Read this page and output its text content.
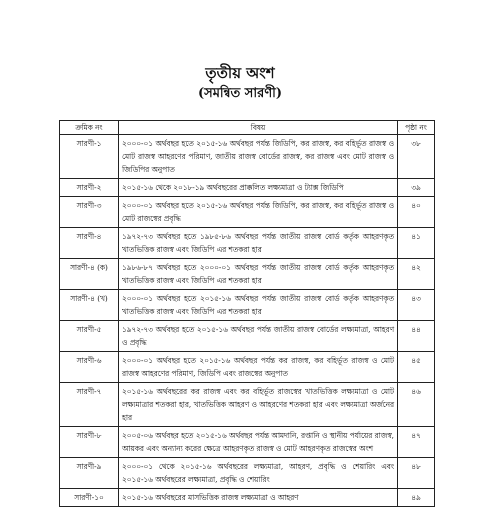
তৃতীয় অংশ
(সমন্বিত সারণী)
ক্রমিক নং	বিষয়	পৃষ্ঠা নং
সারণী-১	২০০০-০১ অর্থবছর হতে ২০১৫-১৬ অর্থবছর পর্যন্ত জিডিপি, কর রাজস্ব, কর বহির্ভূত রাজস্ব ও মোট রাজস্ব আহরণের পরিমাণ, জাতীয় রাজস্ব বোর্ডের রাজস্ব, কর রাজস্ব এবং মোট রাজস্ব ও জিডিপির অনুপাত	৩৮
সারণী-২	২০১৫-১৬ থেকে ২০১৮-১৯ অর্থবছরের প্রাক্কলিত লক্ষ্যমাত্রা ও ট্যাক্স জিডিপি	৩৯
সারণী-৩	২০০০-০১ অর্থবছর হতে ২০১৫-১৬ অর্থবছর পর্যন্ত জিডিপি, কর রাজস্ব, কর বহির্ভূত রাজস্ব ও মোট রাজস্বের প্রবৃদ্ধি	৪০
সারণী-৪	১৯৭২-৭৩ অর্থবছর হতে ১৯৮৫-৮৬ অর্থবছর পর্যন্ত জাতীয় রাজস্ব বোর্ড কর্তৃক আহরণকৃত খাতভিত্তিক রাজস্ব এবং জিডিপি এর শতকরা হার	৪১
সারণী-৪ (ক)	১৯৮৬-৮৭ অর্থবছর হতে ২০০০-০১ অর্থবছর পর্যন্ত জাতীয় রাজস্ব বোর্ড কর্তৃক আহরণকৃত খাতভিত্তিক রাজস্ব এবং জিডিপি এর শতকরা হার	৪২
সারণী-৪ (খ)	২০০০-০১ অর্থবছর হতে ২০১৫-১৬ অর্থবছর পর্যন্ত জাতীয় রাজস্ব বোর্ড কর্তৃক আহরণকৃত খাতভিত্তিক রাজস্ব এবং জিডিপি এর শতকরা হার	৪৩
সারণী-৫	১৯৭২-৭৩ অর্থবছর হতে ২০১৫-১৬ অর্থবছর পর্যন্ত জাতীয় রাজস্ব বোর্ডের লক্ষ্যমাত্রা, আহরণ ও প্রবৃদ্ধি	৪৪
সারণী-৬	২০০০-০১ অর্থবছর হতে ২০১৫-১৬ অর্থবছর পর্যন্ত কর রাজস্ব, কর বহির্ভূত রাজস্ব ও মোট রাজস্ব আহরণের পরিমাণ, জিডিপি এবং রাজস্বের অনুপাত	৪৫
সারণী-৭	২০১৫-১৬ অর্থবছরের কর রাজস্ব এবং কর বহির্ভূত রাজস্বের খাতভিত্তিক লক্ষ্যমাত্রা ও মোট লক্ষ্যমাত্রার শতকরা হার, খাতভিত্তিক আহরণ ও আহরণের শতকরা হার এবং লক্ষ্যমাত্রা অর্জনের হার	৪৬
সারণী-৮	২০০৫-০৬ অর্থবছর হতে ২০১৫-১৬ অর্থবছর পর্যন্ত আমদানি, রপ্তানি ও স্থানীয় পর্যায়ের রাজস্ব, আয়কর এবং অন্যান্য করের ক্ষেত্রে আহরণকৃত রাজস্ব ও মোট আহরণকৃত রাজস্বের অংশ	৪৭
সারণী-৯	২০০০-০১ থেকে ২০১৫-১৬ অর্থবছরের লক্ষ্যমাত্রা, আহরণ, প্রবৃদ্ধি ও শেয়ারিং এবং ২০১৫-১৬ অর্থবছরের লক্ষ্যমাত্রা, প্রবৃদ্ধি ও শেয়ারিং	৪৮
সারণী-১০	২০১৫-১৬ অর্থবছরের মাসভিত্তিক রাজস্ব লক্ষ্যমাত্রা ও আহরণ	৪৯
